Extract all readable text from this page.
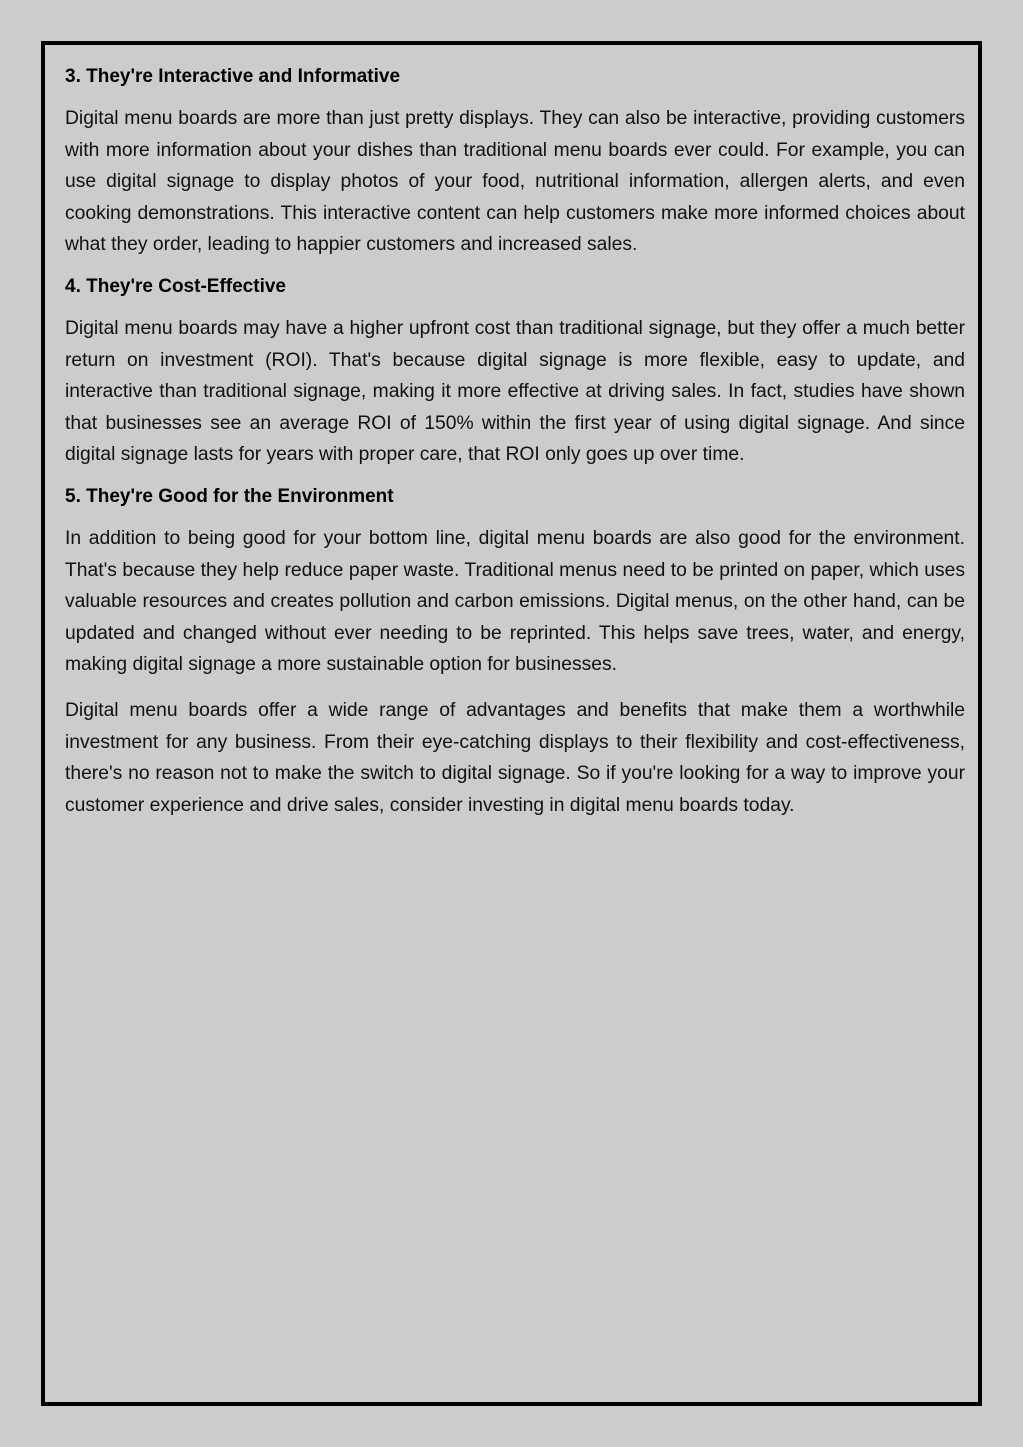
3. They're Interactive and Informative

Digital menu boards are more than just pretty displays. They can also be interactive, providing customers with more information about your dishes than traditional menu boards ever could. For example, you can use digital signage to display photos of your food, nutritional information, allergen alerts, and even cooking demonstrations. This interactive content can help customers make more informed choices about what they order, leading to happier customers and increased sales.

4. They're Cost-Effective

Digital menu boards may have a higher upfront cost than traditional signage, but they offer a much better return on investment (ROI). That's because digital signage is more flexible, easy to update, and interactive than traditional signage, making it more effective at driving sales. In fact, studies have shown that businesses see an average ROI of 150% within the first year of using digital signage. And since digital signage lasts for years with proper care, that ROI only goes up over time.

5. They're Good for the Environment

In addition to being good for your bottom line, digital menu boards are also good for the environment. That's because they help reduce paper waste. Traditional menus need to be printed on paper, which uses valuable resources and creates pollution and carbon emissions. Digital menus, on the other hand, can be updated and changed without ever needing to be reprinted. This helps save trees, water, and energy, making digital signage a more sustainable option for businesses.

Digital menu boards offer a wide range of advantages and benefits that make them a worthwhile investment for any business. From their eye-catching displays to their flexibility and cost-effectiveness, there's no reason not to make the switch to digital signage. So if you're looking for a way to improve your customer experience and drive sales, consider investing in digital menu boards today.
